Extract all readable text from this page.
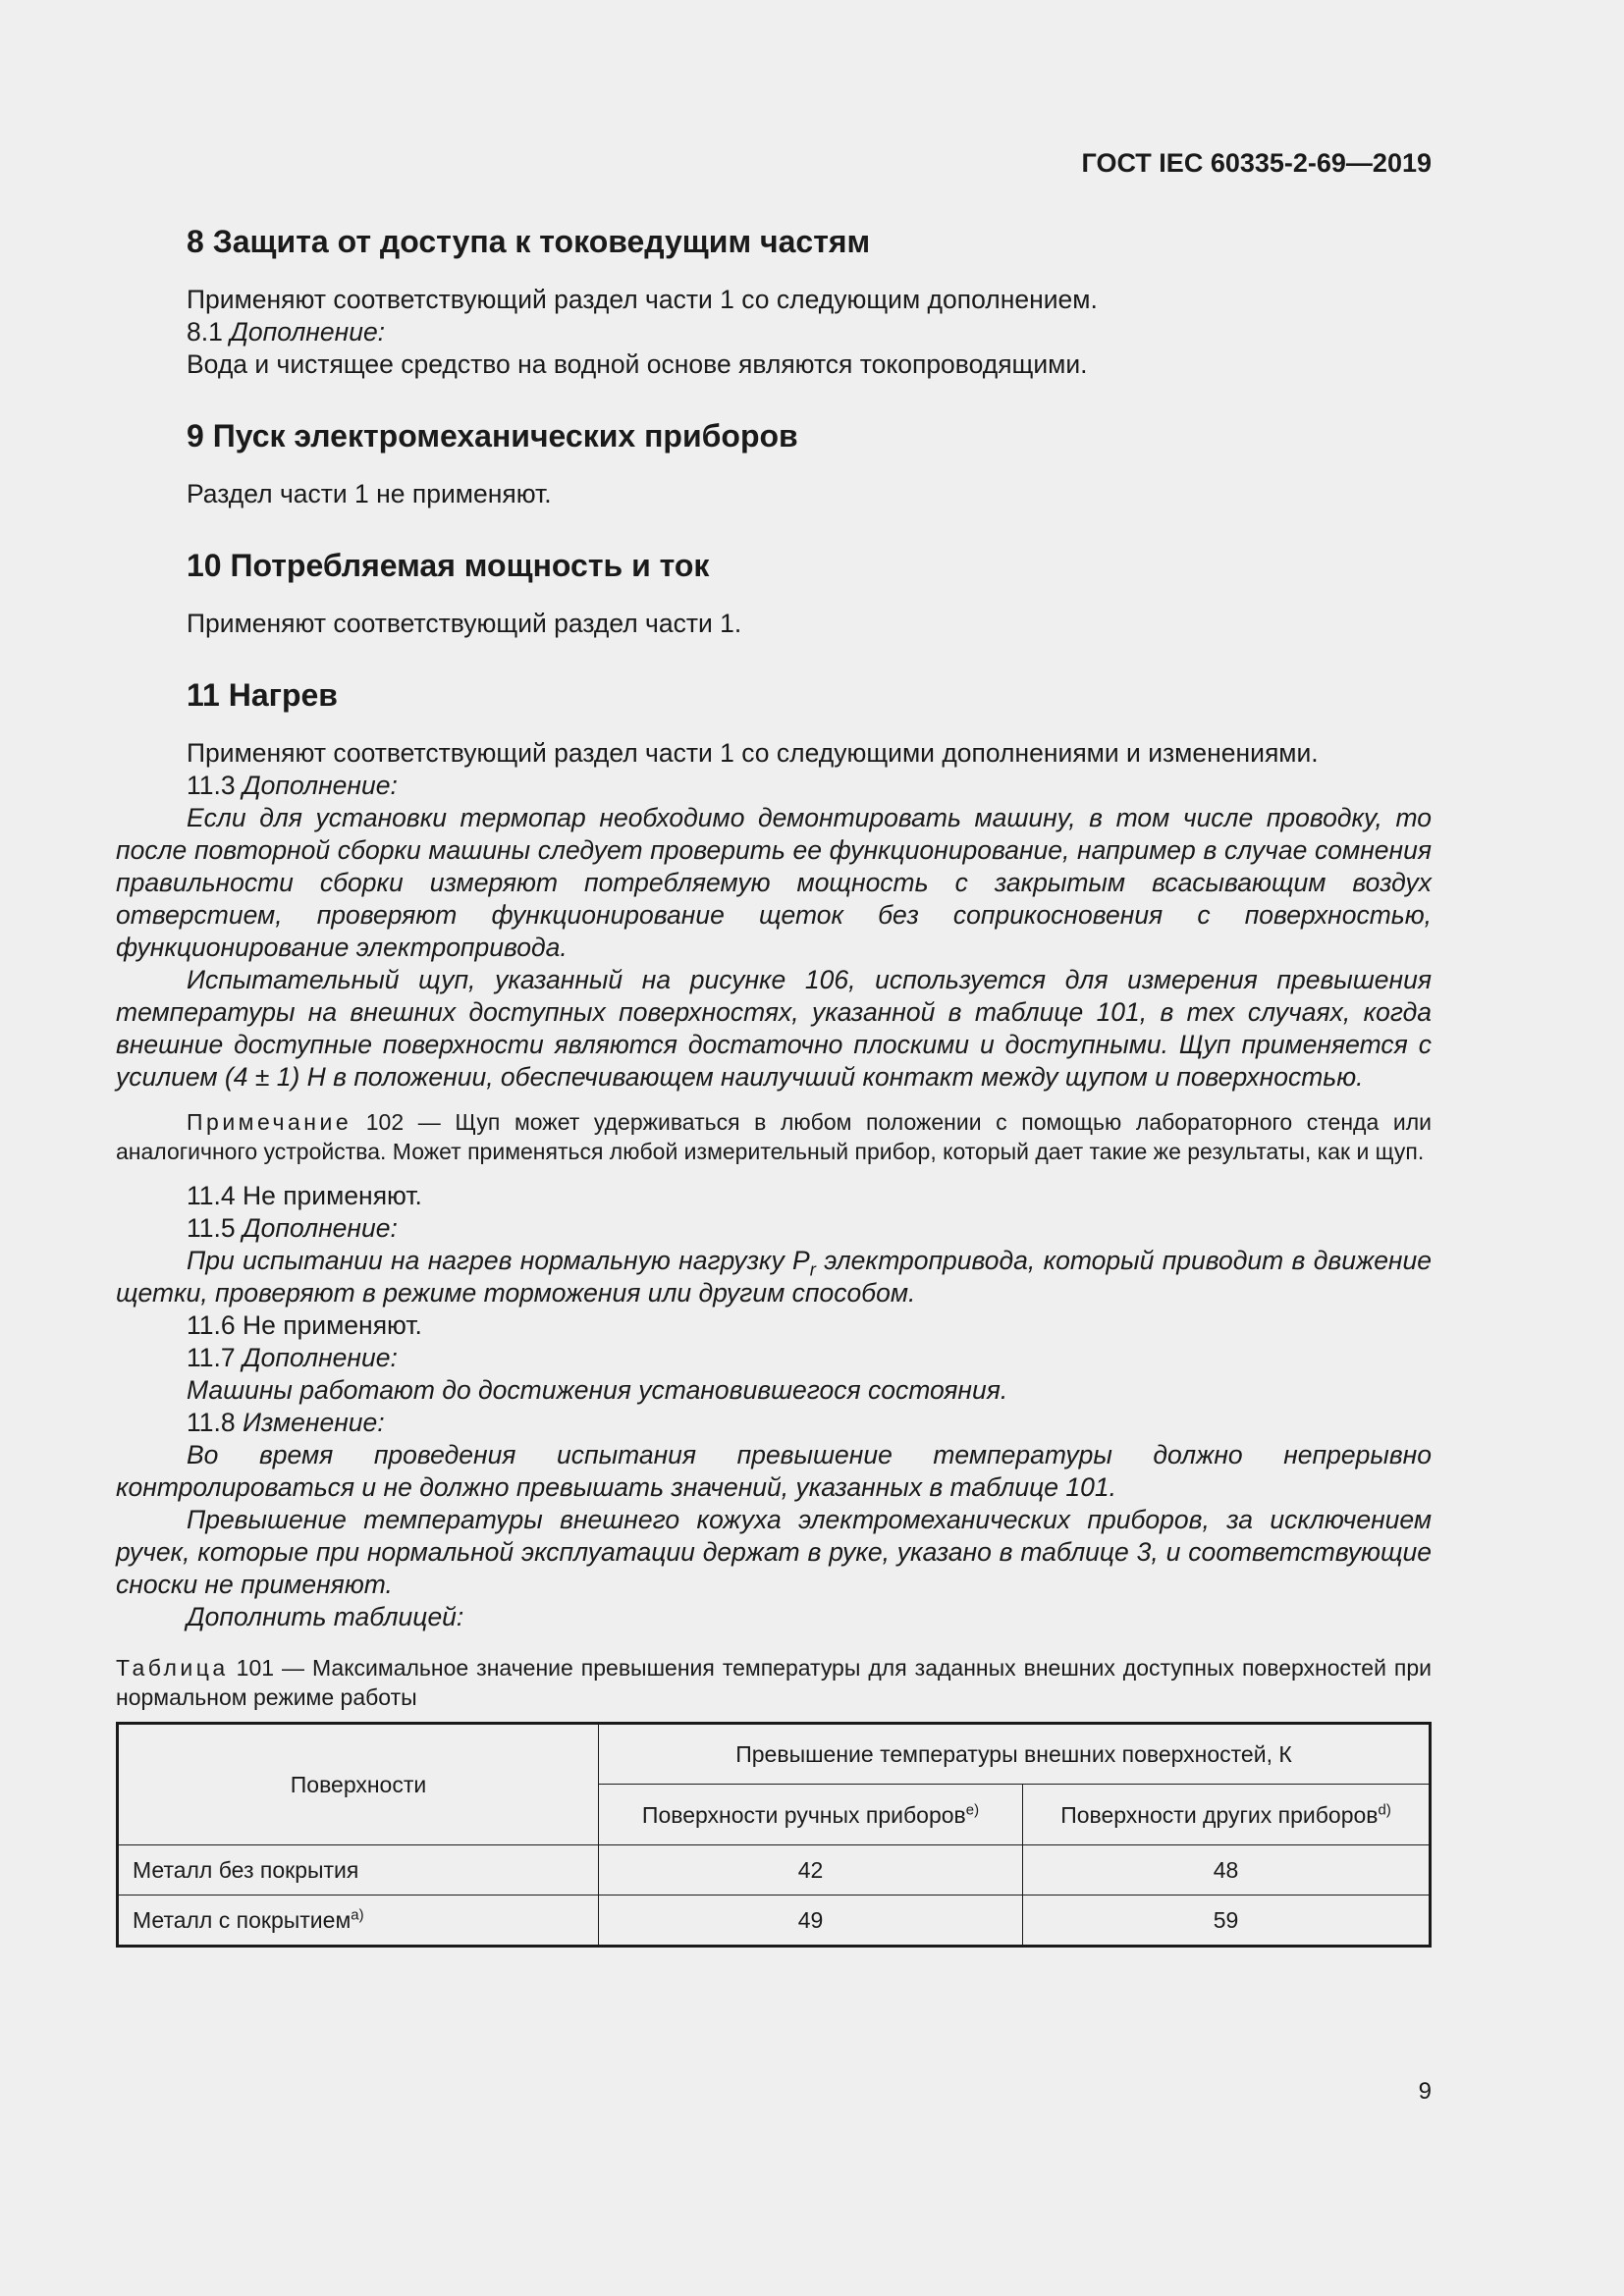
ГОСТ IEC 60335-2-69—2019
8 Защита от доступа к токоведущим частям

Применяют соответствующий раздел части 1 со следующим дополнением.

8.1 Дополнение:

Вода и чистящее средство на водной основе являются токопроводящими.

9 Пуск электромеханических приборов

Раздел части 1 не применяют.

10 Потребляемая мощность и ток

Применяют соответствующий раздел части 1.

11 Нагрев

Применяют соответствующий раздел части 1 со следующими дополнениями и изменениями.

11.3 Дополнение:

Если для установки термопар необходимо демонтировать машину, в том числе проводку, то после повторной сборки машины следует проверить ее функционирование, например в случае сомнения правильности сборки измеряют потребляемую мощность с закрытым всасывающим воздух отверстием, проверяют функционирование щеток без соприкосновения с поверхностью, функционирование электропривода.

Испытательный щуп, указанный на рисунке 106, используется для измерения превышения температуры на внешних доступных поверхностях, указанной в таблице 101, в тех случаях, когда внешние доступные поверхности являются достаточно плоскими и доступными. Щуп применяется с усилием (4 ± 1) Н в положении, обеспечивающем наилучший контакт между щупом и поверхностью.

Примечание 102 — Щуп может удерживаться в любом положении с помощью лабораторного стенда или аналогичного устройства. Может применяться любой измерительный прибор, который дает такие же результаты, как и щуп.

11.4 Не применяют.

11.5 Дополнение:

При испытании на нагрев нормальную нагрузку $P_r$ электропривода, который приводит в движение щетки, проверяют в режиме торможения или другим способом.

11.6 Не применяют.

11.7 Дополнение:

Машины работают до достижения установившегося состояния.

11.8 Изменение:

Во время проведения испытания превышение температуры должно непрерывно контролироваться и не должно превышать значений, указанных в таблице 101.

Превышение температуры внешнего кожуха электромеханических приборов, за исключением ручек, которые при нормальной эксплуатации держат в руке, указано в таблице 3, и соответствующие сноски не применяют.

Дополнить таблицей:

Таблица 101 — Максимальное значение превышения температуры для заданных внешних доступных поверхностей при нормальном режиме работы

Поверхности	Превышение температуры внешних поверхностей, К	
	Поверхности ручных приборов$^{e)}$	Поверхности других приборов$^{d)}$
Металл без покрытия	42	48
Металл с покрытием$^{a)}$	49	59
9
